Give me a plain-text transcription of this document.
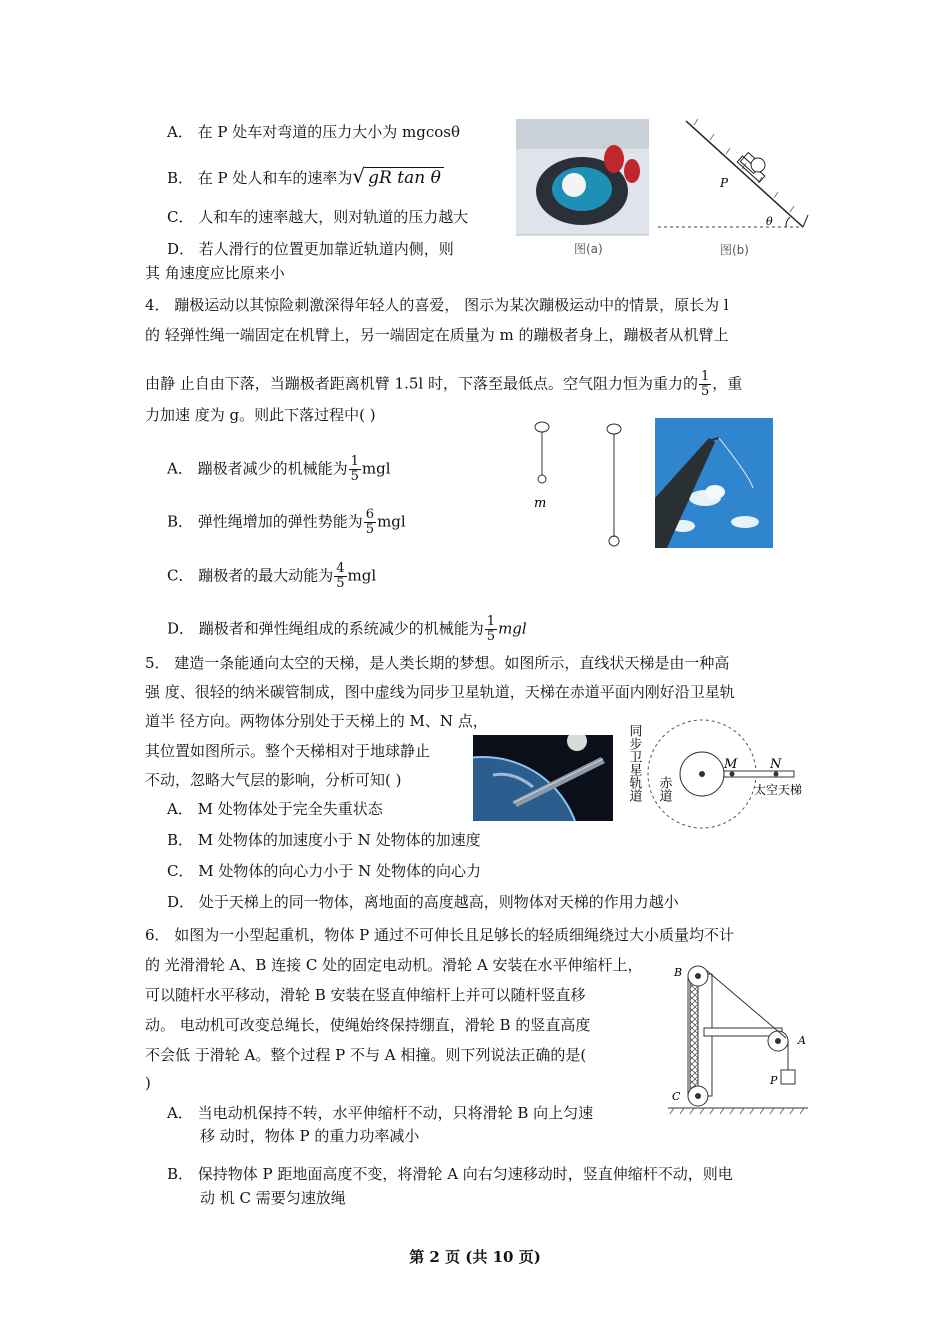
A． 在 P 处车对弯道的压力大小为 mgcosθ
B． 在 P 处人和车的速率为√ gR tan θ
C． 人和车的速率越大，则对轨道的压力越大
D． 若人滑行的位置更加靠近轨道内侧，则
其 角速度应比原来小
图(a)
P
θ
图(b)
4． 蹦极运动以其惊险刺激深得年轻人的喜爱， 图示为某次蹦极运动中的情景，原长为 l
的 轻弹性绳一端固定在机臂上，另一端固定在质量为 m 的蹦极者身上，蹦极者从机臂上
由静 止自由下落，当蹦极者距离机臂 1.5l 时，下落至最低点。空气阻力恒为重力的 $\frac{1}{5}$ ，重
力加速 度为 g。则此下落过程中( )
A． 蹦极者减少的机械能为 $\frac{1}{5}$ mgl
B． 弹性绳增加的弹性势能为 $\frac{6}{5}$ mgl
C． 蹦极者的最大动能为 $\frac{4}{5}$ mgl
D． 蹦极者和弹性绳组成的系统减少的机械能为 $\frac{1}{5}$ mgl
m
5． 建造一条能通向太空的天梯，是人类长期的梦想。如图所示，直线状天梯是由一种高
强 度、很轻的纳米碳管制成，图中虚线为同步卫星轨道，天梯在赤道平面内刚好沿卫星轨
道半 径方向。两物体分别处于天梯上的 M、N 点，
其位置如图所示。整个天梯相对于地球静止
不动，忽略大气层的影响，分析可知( )
A． M 处物体处于完全失重状态
B． M 处物体的加速度小于 N 处物体的加速度
C． M 处物体的向心力小于 N 处物体的向心力
D． 处于天梯上的同一物体，离地面的高度越高，则物体对天梯的作用力越小
M	N
太空天梯
赤道
同步卫星轨道
6． 如图为一小型起重机，物体 P 通过不可伸长且足够长的轻质细绳绕过大小质量均不计
的 光滑滑轮 A、B 连接 C 处的固定电动机。滑轮 A 安装在水平伸缩杆上，
可以随杆水平移动，滑轮 B 安装在竖直伸缩杆上并可以随杆竖直移
动。 电动机可改变总绳长，使绳始终保持绷直，滑轮 B 的竖直高度
不会低 于滑轮 A。整个过程 P 不与 A 相撞。则下列说法正确的是(
)
A． 当电动机保持不转，水平伸缩杆不动，只将滑轮 B 向上匀速
移 动时，物体 P 的重力功率减小
B． 保持物体 P 距地面高度不变，将滑轮 A 向右匀速移动时，竖直伸缩杆不动，则电
动 机 C 需要匀速放绳
B
A
C
P
第 2 页 (共 10 页)
